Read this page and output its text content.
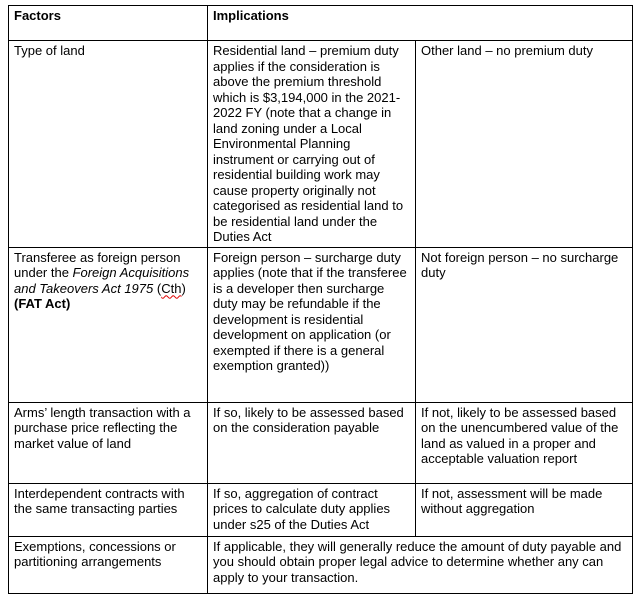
Factors	Implications	
Type of land	Residential land – premium duty applies if the consideration is above the premium threshold which is $3,194,000 in the 2021-2022 FY (note that a change in land zoning under a Local Environmental Planning instrument or carrying out of residential building work may cause property originally not categorised as residential land to be residential land under the Duties Act	Other land – no premium duty
Transferee as foreign person under the Foreign Acquisitions and Takeovers Act 1975 (Cth) (FAT Act)	Foreign person – surcharge duty applies (note that if the transferee is a developer then surcharge duty may be refundable if the development is residential development on application (or exempted if there is a general exemption granted))	Not foreign person – no surcharge duty
Arms’ length transaction with a purchase price reflecting the market value of land	If so, likely to be assessed based on the consideration payable	If not, likely to be assessed based on the unencumbered value of the land as valued in a proper and acceptable valuation report
Interdependent contracts with the same transacting parties	If so, aggregation of contract prices to calculate duty applies under s25 of the Duties Act	If not, assessment will be made without aggregation
Exemptions, concessions or partitioning arrangements	If applicable, they will generally reduce the amount of duty payable and you should obtain proper legal advice to determine whether any can apply to your transaction.	
